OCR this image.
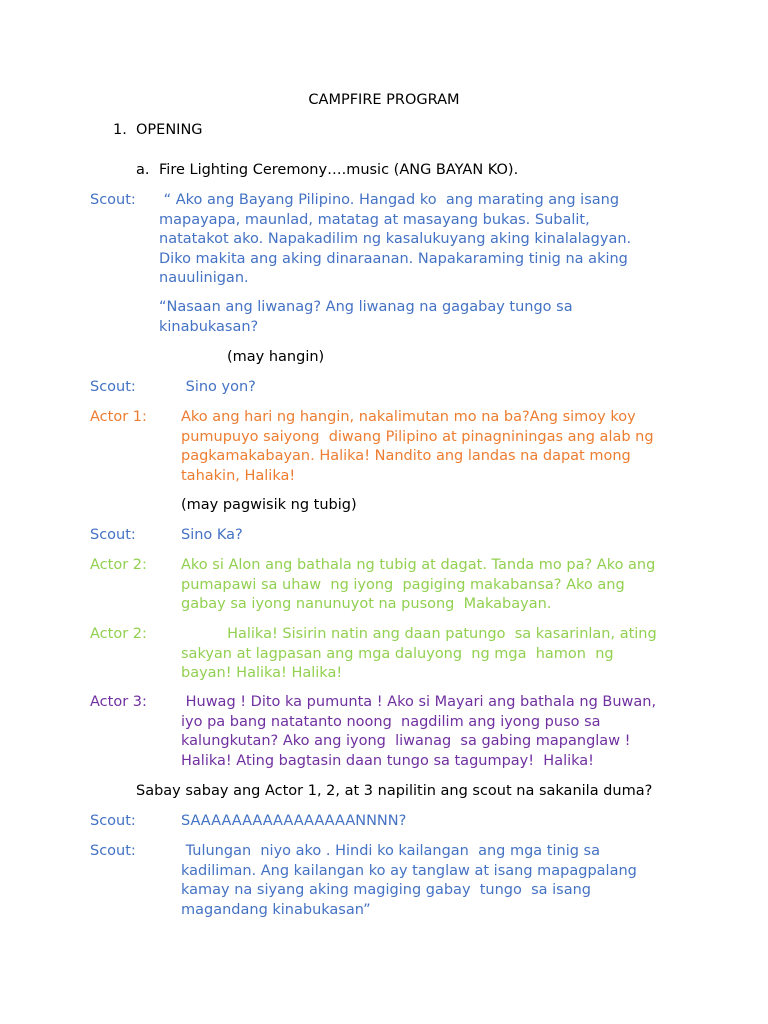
CAMPFIRE PROGRAM
1. OPENING
a. Fire Lighting Ceremony….music (ANG BAYAN KO).
Scout: “ Ako ang Bayang Pilipino. Hangad ko  ang marating ang isang
mapayapa, maunlad, matatag at masayang bukas. Subalit,
natatakot ako. Napakadilim ng kasalukuyang aking kinalalagyan.
Diko makita ang aking dinaraanan. Napakaraming tinig na aking
nauulinigan.
“Nasaan ang liwanag? Ang liwanag na gagabay tungo sa
kinabukasan?
(may hangin)
Scout:	Sino yon?
Actor 1: Ako ang hari ng hangin, nakalimutan mo na ba?Ang simoy koy
pumupuyo saiyong  diwang Pilipino at pinagniningas ang alab ng
pagkamakabayan. Halika! Nandito ang landas na dapat mong
tahakin, Halika!
(may pagwisik ng tubig)
Scout:	Sino Ka?
Actor 2: Ako si Alon ang bathala ng tubig at dagat. Tanda mo pa? Ako ang
pumapawi sa uhaw  ng iyong  pagiging makabansa? Ako ang
gabay sa iyong nanunuyot na pusong  Makabayan.
Actor 2: Halika! Sisirin natin ang daan patungo  sa kasarinlan, ating
sakyan at lagpasan ang mga daluyong  ng mga  hamon  ng
bayan! Halika! Halika!
Actor 3: Huwag ! Dito ka pumunta ! Ako si Mayari ang bathala ng Buwan,
iyo pa bang natatanto noong  nagdilim ang iyong puso sa
kalungkutan? Ako ang iyong  liwanag  sa gabing mapanglaw !
Halika! Ating bagtasin daan tungo sa tagumpay!  Halika!
Sabay sabay ang Actor 1, 2, at 3 napilitin ang scout na sakanila duma?
Scout:	SAAAAAAAAAAAAAAAANNNN?
Scout:	Tulungan  niyo ako . Hindi ko kailangan  ang mga tinig sa
kadiliman. Ang kailangan ko ay tanglaw at isang mapagpalang
kamay na siyang aking magiging gabay  tungo  sa isang
magandang kinabukasan”
